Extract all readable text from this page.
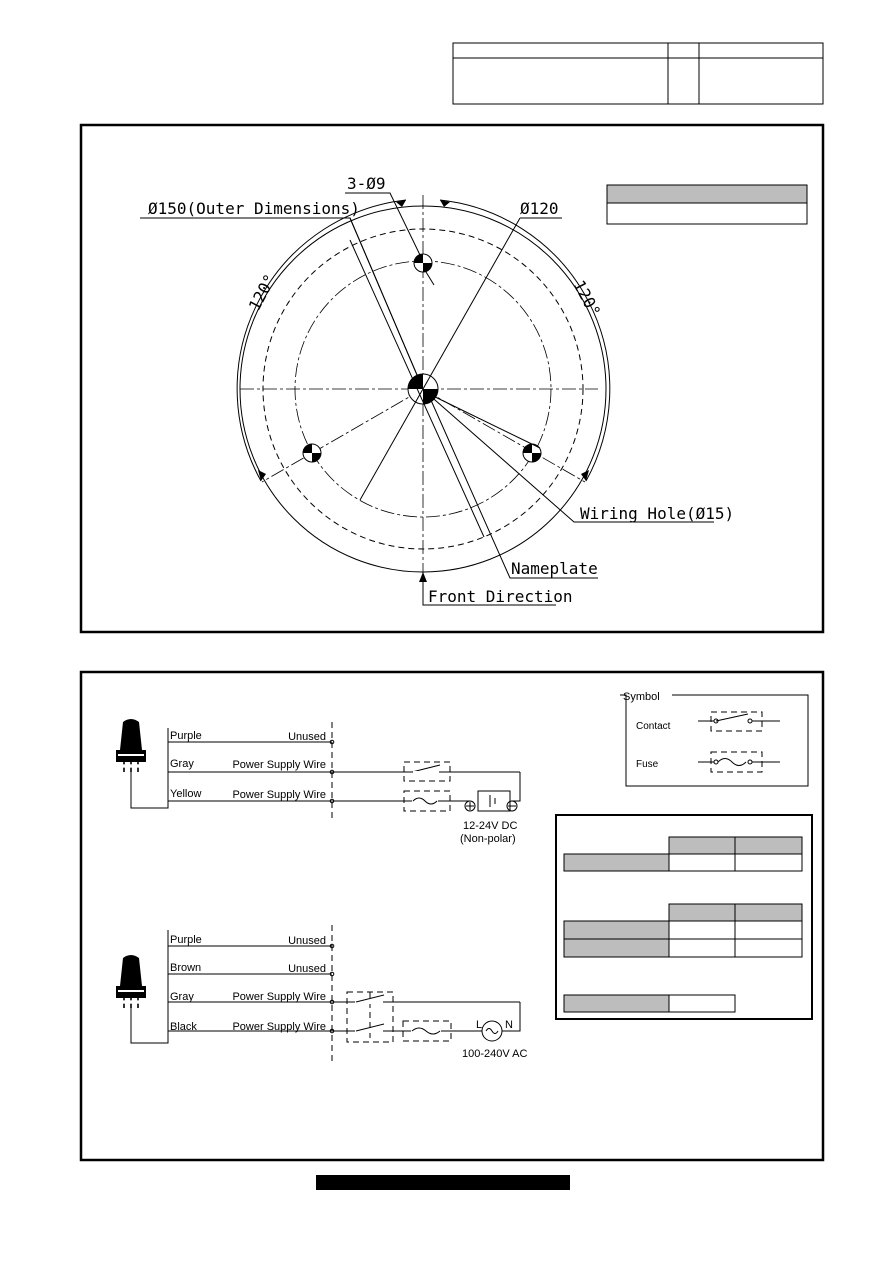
3-Ø9
Ø150(Outer Dimensions)	Ø120
120°	120°
Wiring Hole(Ø15)
Nameplate
Front Direction
Symbol
Contact
Fuse
Purple	Unused
Gray	Power Supply Wire
Yellow	Power Supply Wire
12-24V DC
(Non-polar)
Purple	Unused
Brown	Unused
Gray	Power Supply Wire
Black	Power Supply Wire	L N
100-240V AC
